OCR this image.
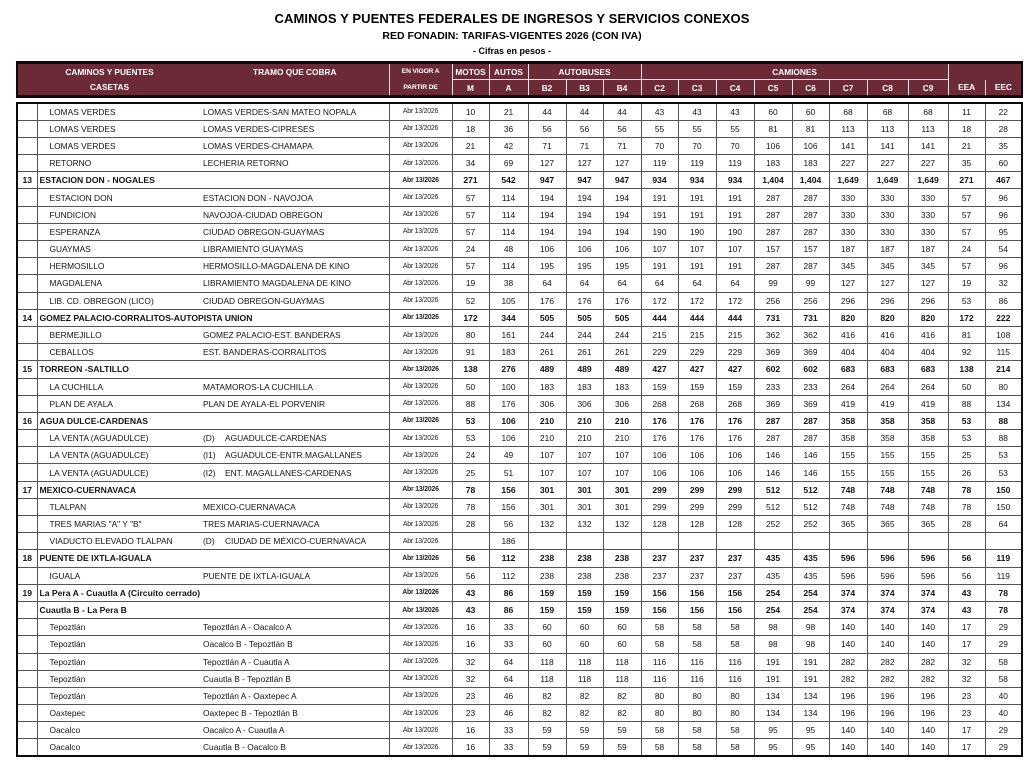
CAMINOS Y PUENTES FEDERALES DE INGRESOS Y SERVICIOS CONEXOS
RED FONADIN: TARIFAS-VIGENTES 2026 (CON IVA)
- Cifras en pesos -
CAMINOS Y PUENTES	TRAMO QUE COBRA	EN VIGOR A	MOTOS	AUTOS	AUTOBUSES			CAMIONES									
CASETAS		PARTIR DE	M	A	B2	B3	B4	C2	C3	C4	C5	C6	C7	C8	C9	EEA	EEC
	LOMAS VERDES	LOMAS VERDES-SAN MATEO NOPALA		Abr 13/2026	10	21	44	44	44	43	43	43	60	60	68	68	68	11	22
	LOMAS VERDES	LOMAS VERDES-CIPRESES		Abr 13/2026	18	36	56	56	56	55	55	55	81	81	113	113	113	18	28
	LOMAS VERDES	LOMAS VERDES-CHAMAPA		Abr 13/2026	21	42	71	71	71	70	70	70	106	106	141	141	141	21	35
	RETORNO	LECHERIA RETORNO		Abr 13/2026	34	69	127	127	127	119	119	119	183	183	227	227	227	35	60
13	ESTACION DON - NOGALES			Abr 13/2026	271	542	947	947	947	934	934	934	1,404	1,404	1,649	1,649	1,649	271	467
	ESTACION DON	ESTACION DON - NAVOJOA		Abr 13/2026	57	114	194	194	194	191	191	191	287	287	330	330	330	57	96
	FUNDICION	NAVOJOA-CIUDAD OBREGON		Abr 13/2026	57	114	194	194	194	191	191	191	287	287	330	330	330	57	96
	ESPERANZA	CIUDAD OBREGON-GUAYMAS		Abr 13/2026	57	114	194	194	194	190	190	190	287	287	330	330	330	57	95
	GUAYMAS	LIBRAMIENTO GUAYMAS		Abr 13/2026	24	48	106	106	106	107	107	107	157	157	187	187	187	24	54
	HERMOSILLO	HERMOSILLO-MAGDALENA DE KINO		Abr 13/2026	57	114	195	195	195	191	191	191	287	287	345	345	345	57	96
	MAGDALENA	LIBRAMIENTO MAGDALENA DE KINO		Abr 13/2026	19	38	64	64	64	64	64	64	99	99	127	127	127	19	32
	LIB. CD. OBREGON (LICO)	CIUDAD OBREGON-GUAYMAS		Abr 13/2026	52	105	176	176	176	172	172	172	256	256	296	296	296	53	86
14	GOMEZ PALACIO-CORRALITOS-AUTOPISTA UNION			Abr 13/2026	172	344	505	505	505	444	444	444	731	731	820	820	820	172	222
	BERMEJILLO	GOMEZ PALACIO-EST. BANDERAS		Abr 13/2026	80	161	244	244	244	215	215	215	362	362	416	416	416	81	108
	CEBALLOS	EST. BANDERAS-CORRALITOS		Abr 13/2026	91	183	261	261	261	229	229	229	369	369	404	404	404	92	115
15	TORREON -SALTILLO			Abr 13/2026	138	276	489	489	489	427	427	427	602	602	683	683	683	138	214
	LA CUCHILLA	MATAMOROS-LA CUCHILLA		Abr 13/2026	50	100	183	183	183	159	159	159	233	233	264	264	264	50	80
	PLAN DE AYALA	PLAN DE AYALA-EL PORVENIR		Abr 13/2026	88	176	306	306	306	268	268	268	369	369	419	419	419	88	134
16	AGUA DULCE-CARDENAS			Abr 13/2026	53	106	210	210	210	176	176	176	287	287	358	358	358	53	88
	LA VENTA (AGUADULCE)	(D)	AGUADULCE-CARDENAS	Abr 13/2026	53	106	210	210	210	176	176	176	287	287	358	358	358	53	88
	LA VENTA (AGUADULCE)	(I1)	AGUADULCE-ENTR.MAGALLANES	Abr 13/2026	24	49	107	107	107	106	106	106	146	146	155	155	155	25	53
	LA VENTA (AGUADULCE)	(I2)	ENT. MAGALLANES-CARDENAS	Abr 13/2026	25	51	107	107	107	106	106	106	146	146	155	155	155	26	53
17	MEXICO-CUERNAVACA			Abr 13/2026	78	156	301	301	301	299	299	299	512	512	748	748	748	78	150
	TLALPAN	MEXICO-CUERNAVACA		Abr 13/2026	78	156	301	301	301	299	299	299	512	512	748	748	748	78	150
	TRES MARIAS "A" Y "B"	TRES MARIAS-CUERNAVACA		Abr 13/2026	28	56	132	132	132	128	128	128	252	252	365	365	365	28	64
	VIADUCTO ELEVADO TLALPAN	(D)	CIUDAD DE MÉXICO-CUERNAVACA	Abr 13/2026		186													
18	PUENTE DE IXTLA-IGUALA			Abr 13/2026	56	112	238	238	238	237	237	237	435	435	596	596	596	56	119
	IGUALA	PUENTE DE IXTLA-IGUALA		Abr 13/2026	56	112	238	238	238	237	237	237	435	435	596	596	596	56	119
19	La Pera A - Cuautla A (Circuito cerrado)			Abr 13/2026	43	86	159	159	159	156	156	156	254	254	374	374	374	43	78
	Cuautla B - La Pera B			Abr 13/2026	43	86	159	159	159	156	156	156	254	254	374	374	374	43	78
	Tepoztlán	Tepoztlán A - Oacalco A		Abr 13/2026	16	33	60	60	60	58	58	58	98	98	140	140	140	17	29
	Tepoztlán	Oacalco B - Tepoztlán B		Abr 13/2026	16	33	60	60	60	58	58	58	98	98	140	140	140	17	29
	Tepoztlán	Tepoztlán A - Cuautla A		Abr 13/2026	32	64	118	118	118	116	116	116	191	191	282	282	282	32	58
	Tepoztlán	Cuautla B - Tepoztlán B		Abr 13/2026	32	64	118	118	118	116	116	116	191	191	282	282	282	32	58
	Tepoztlán	Tepoztlán A - Oaxtepec A		Abr 13/2026	23	46	82	82	82	80	80	80	134	134	196	196	196	23	40
	Oaxtepec	Oaxtepec B - Tepoztlán B		Abr 13/2026	23	46	82	82	82	80	80	80	134	134	196	196	196	23	40
	Oacalco	Oacalco A - Cuautla A		Abr 13/2026	16	33	59	59	59	58	58	58	95	95	140	140	140	17	29
	Oacalco	Cuautla B - Oacalco B		Abr 13/2026	16	33	59	59	59	58	58	58	95	95	140	140	140	17	29
